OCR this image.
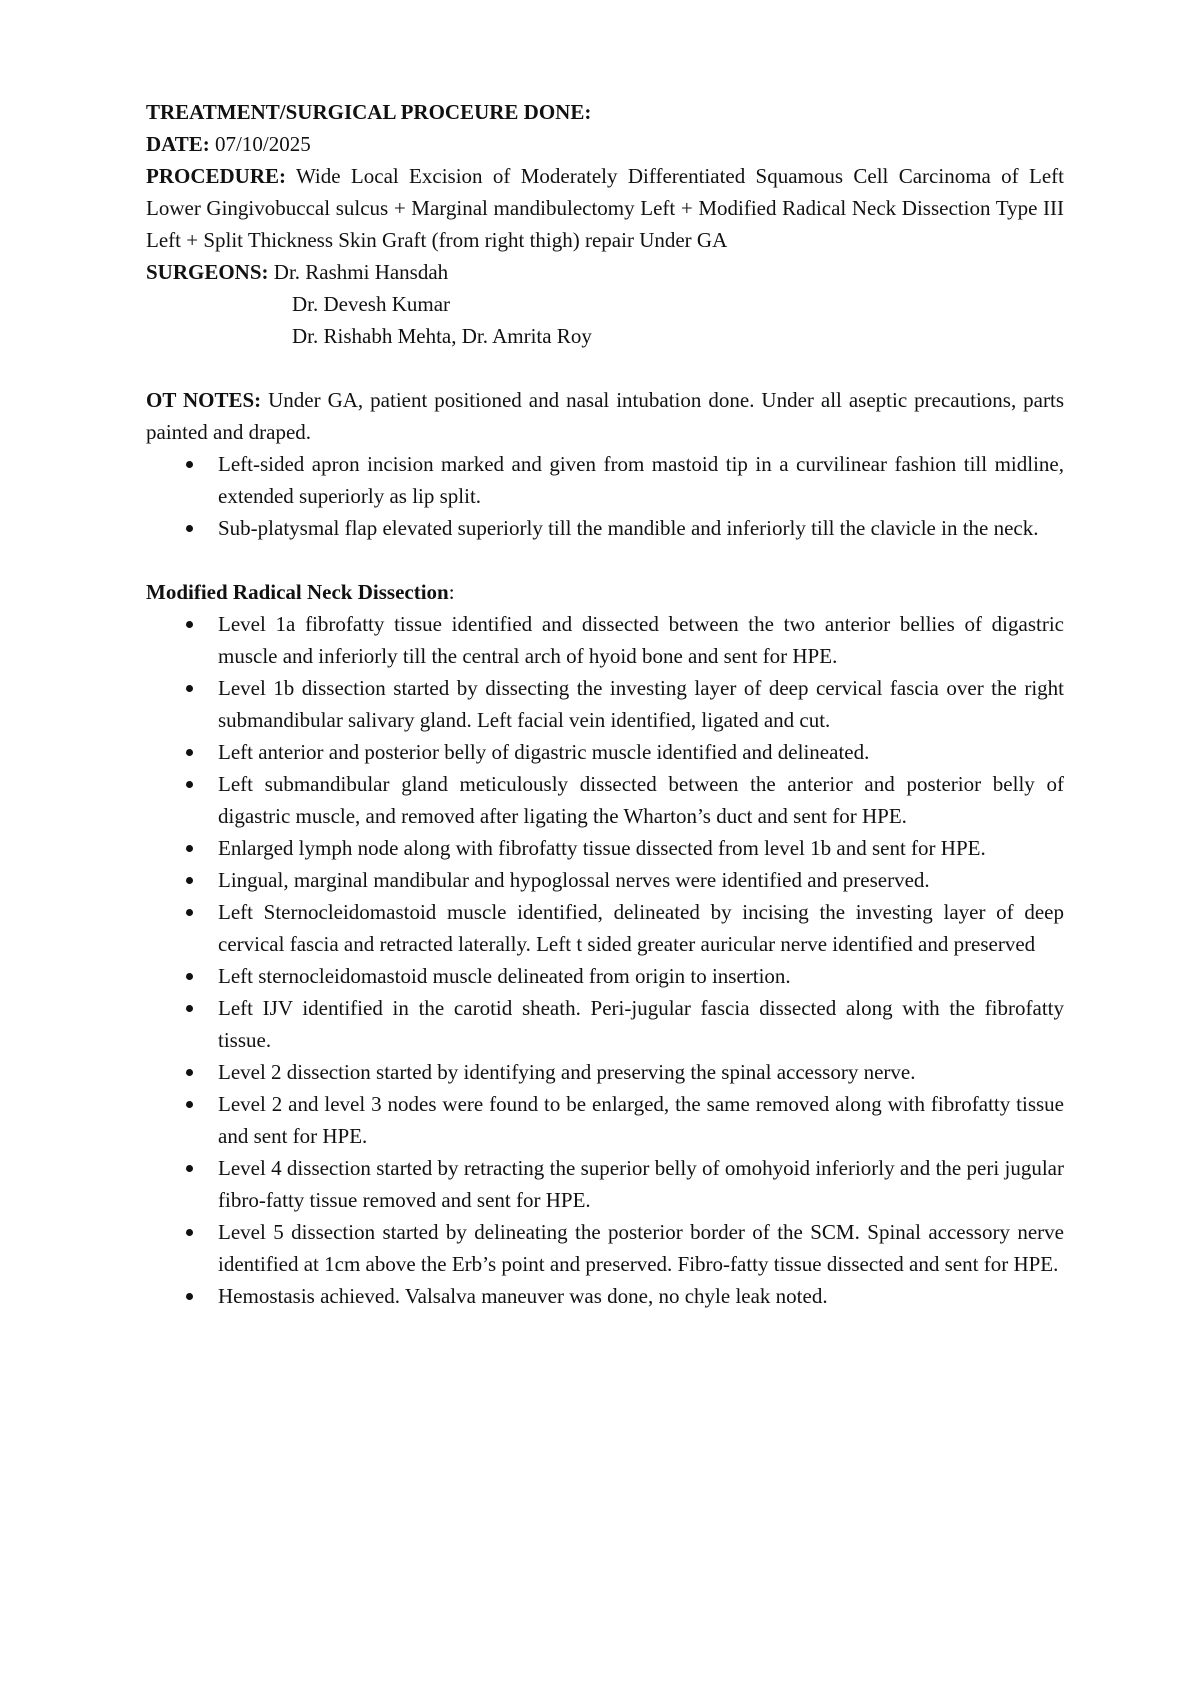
TREATMENT/SURGICAL PROCEURE DONE:

DATE: 07/10/2025

PROCEDURE: Wide Local Excision of Moderately Differentiated Squamous Cell Carcinoma of Left Lower Gingivobuccal sulcus + Marginal mandibulectomy Left + Modified Radical Neck Dissection Type III Left + Split Thickness Skin Graft (from right thigh) repair Under GA

SURGEONS: Dr. Rashmi Hansdah

Dr. Devesh Kumar

Dr. Rishabh Mehta, Dr. Amrita Roy

OT NOTES: Under GA, patient positioned and nasal intubation done. Under all aseptic precautions, parts painted and draped.

Left-sided apron incision marked and given from mastoid tip in a curvilinear fashion till midline, extended superiorly as lip split.
Sub-platysmal flap elevated superiorly till the mandible and inferiorly till the clavicle in the neck.

Modified Radical Neck Dissection:

Level 1a fibrofatty tissue identified and dissected between the two anterior bellies of digastric muscle and inferiorly till the central arch of hyoid bone and sent for HPE.
Level 1b dissection started by dissecting the investing layer of deep cervical fascia over the right submandibular salivary gland. Left facial vein identified, ligated and cut.
Left anterior and posterior belly of digastric muscle identified and delineated.
Left submandibular gland meticulously dissected between the anterior and posterior belly of digastric muscle, and removed after ligating the Wharton’s duct and sent for HPE.
Enlarged lymph node along with fibrofatty tissue dissected from level 1b and sent for HPE.
Lingual, marginal mandibular and hypoglossal nerves were identified and preserved.
Left Sternocleidomastoid muscle identified, delineated by incising the investing layer of deep cervical fascia and retracted laterally. Left t sided greater auricular nerve identified and preserved
Left sternocleidomastoid muscle delineated from origin to insertion.
Left IJV identified in the carotid sheath. Peri-jugular fascia dissected along with the fibrofatty tissue.
Level 2 dissection started by identifying and preserving the spinal accessory nerve.
Level 2 and level 3 nodes were found to be enlarged, the same removed along with fibrofatty tissue and sent for HPE.
Level 4 dissection started by retracting the superior belly of omohyoid inferiorly and the peri jugular fibro-fatty tissue removed and sent for HPE.
Level 5 dissection started by delineating the posterior border of the SCM. Spinal accessory nerve identified at 1cm above the Erb’s point and preserved. Fibro-fatty tissue dissected and sent for HPE.
Hemostasis achieved. Valsalva maneuver was done, no chyle leak noted.
